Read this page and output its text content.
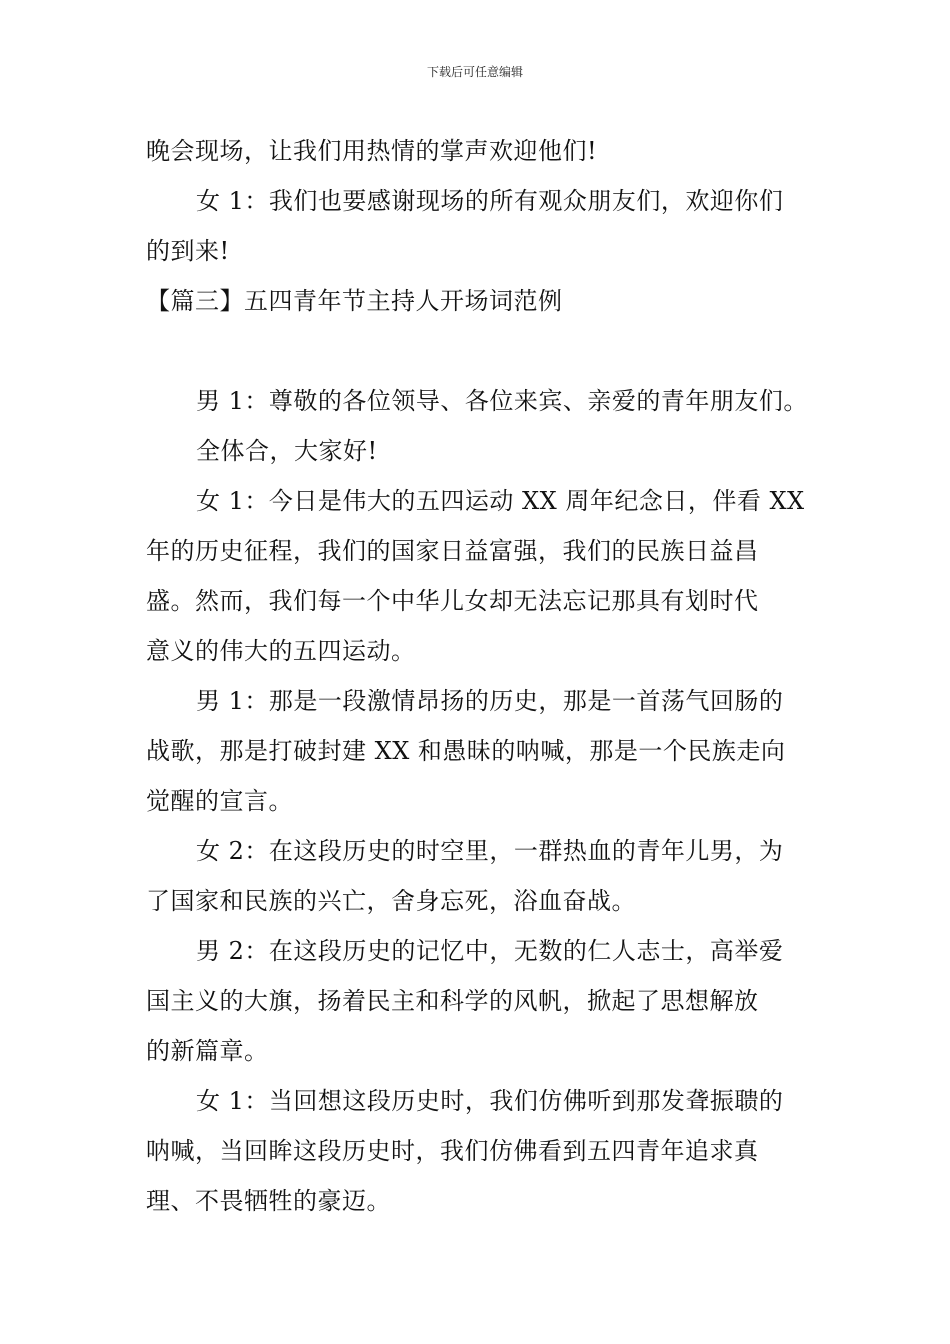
下载后可任意编辑

晚会现场，让我们用热情的掌声欢迎他们!

女 1：我们也要感谢现场的所有观众朋友们，欢迎你们

的到来!

【篇三】五四青年节主持人开场词范例

男 1：尊敬的各位领导、各位来宾、亲爱的青年朋友们。

全体合，大家好!

女 1：今日是伟大的五四运动 XX 周年纪念日，伴看 XX

年的历史征程，我们的国家日益富强，我们的民族日益昌

盛。然而，我们每一个中华儿女却无法忘记那具有划时代

意义的伟大的五四运动。

男 1：那是一段激情昂扬的历史，那是一首荡气回肠的

战歌，那是打破封建 XX 和愚昧的呐喊，那是一个民族走向

觉醒的宣言。

女 2：在这段历史的时空里，一群热血的青年儿男，为

了国家和民族的兴亡，舍身忘死，浴血奋战。

男 2：在这段历史的记忆中，无数的仁人志士，高举爱

国主义的大旗，扬着民主和科学的风帆，掀起了思想解放

的新篇章。

女 1：当回想这段历史时，我们仿佛听到那发聋振聩的

呐喊，当回眸这段历史时，我们仿佛看到五四青年追求真

理、不畏牺牲的豪迈。
